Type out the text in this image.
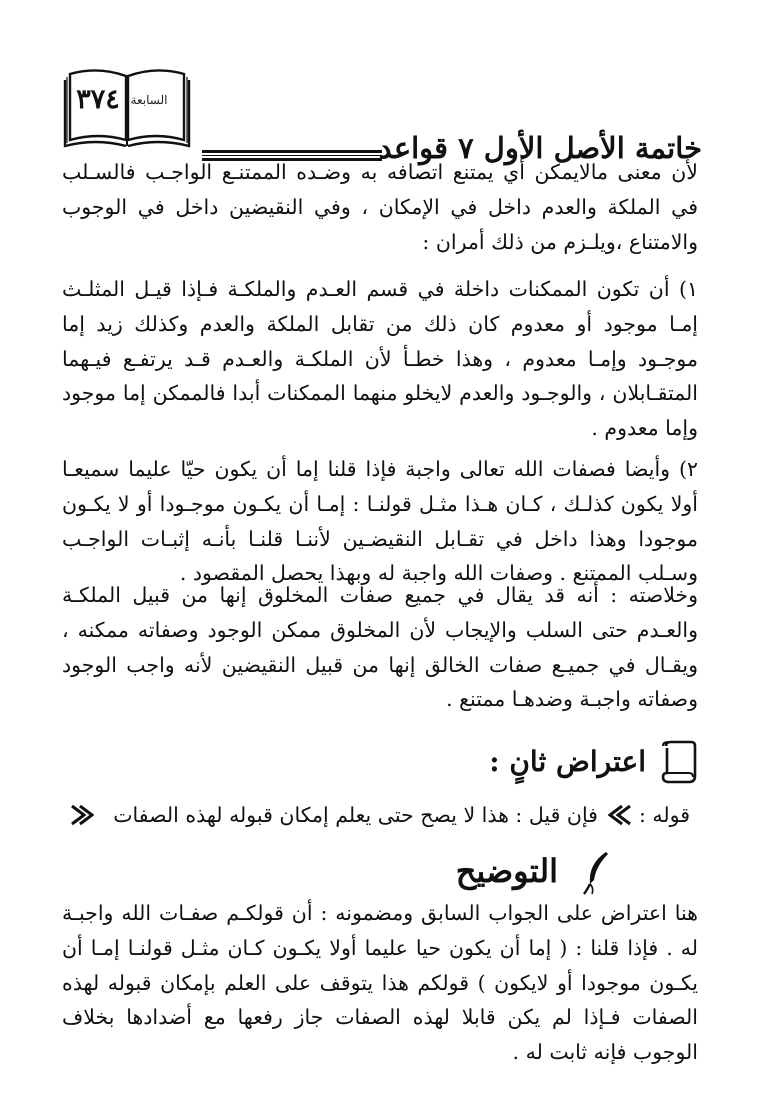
٣٧٤ السابعة
خاتمة الأصل الأول ٧ قواعد

لأن معنى مالايمكن أي يمتنع اتصافه به وضـده الممتنـع الواجـب فالسـلب في الملكة والعدم داخل في الإمكان ، وفي النقيضين داخل في الوجوب والامتناع ،ويلـزم من ذلك أمران :

١) أن تكون الممكنات داخلة في قسم العـدم والملكـة فـإذا قيـل المثلـث إمـا موجود أو معدوم كان ذلك من تقابل الملكة والعدم وكذلك زيد إما موجـود وإمـا معدوم ، وهذا خطـأ لأن الملكـة والعـدم قـد يرتفـع فيـهما المتقـابلان ، والوجـود والعدم لايخلو منهما الممكنات أبدا فالممكن إما موجود وإما معدوم .

٢) وأيضا فصفات الله تعالى واجبة فإذا قلنا إما أن يكون حيّا عليما سميعـا أولا يكون كذلـك ، كـان هـذا مثـل قولنـا : إمـا أن يكـون موجـودا أو لا يكـون موجودا وهذا داخل في تقـابل النقيضـين لأننـا قلنـا بأنـه إثبـات الواجـب وسـلب الممتنع . وصفات الله واجبة له وبهذا يحصل المقصود .

وخلاصته : أنه قد يقال في جميع صفات المخلوق إنها من قبيل الملكـة والعـدم حتى السلب والإيجاب لأن المخلوق ممكن الوجود وصفاته ممكنه ، ويقـال في جميـع صفات الخالق إنها من قبيل النقيضين لأنه واجب الوجود وصفاته واجبـة وضدهـا ممتنع .

اعتراض ثانٍ :
قوله :
فإن قيل : هذا لا يصح حتى يعلم إمكان قبوله لهذه الصفات
التوضيح

هنا اعتراض على الجواب السابق ومضمونه : أن قولكـم صفـات الله واجبـة له . فإذا قلنا : ( إما أن يكون حيا عليما أولا يكـون كـان مثـل قولنـا إمـا أن يكـون موجودا أو لايكون ) قولكم هذا يتوقف على العلم بإمكان قبوله لهذه الصفات فـإذا لم يكن قابلا لهذه الصفات جاز رفعها مع أضدادها بخلاف الوجوب فإنه ثابت له .
